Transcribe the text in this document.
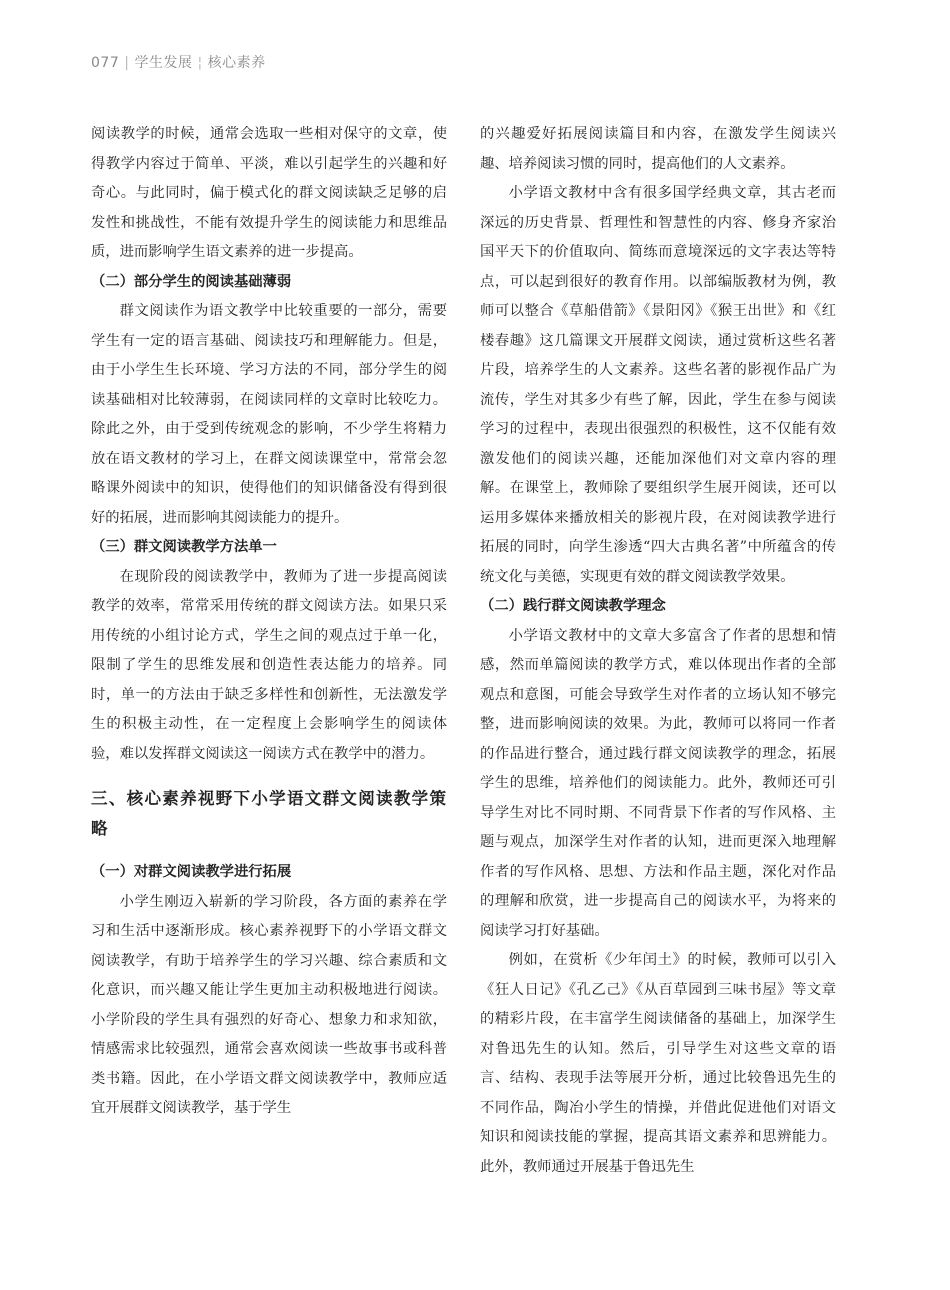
077 | 学生发展 ¦ 核心素养

阅读教学的时候，通常会选取一些相对保守的文章，使得教学内容过于简单、平淡，难以引起学生的兴趣和好奇心。与此同时，偏于模式化的群文阅读缺乏足够的启发性和挑战性，不能有效提升学生的阅读能力和思维品质，进而影响学生语文素养的进一步提高。

（二）部分学生的阅读基础薄弱

群文阅读作为语文教学中比较重要的一部分，需要学生有一定的语言基础、阅读技巧和理解能力。但是，由于小学生生长环境、学习方法的不同，部分学生的阅读基础相对比较薄弱，在阅读同样的文章时比较吃力。除此之外，由于受到传统观念的影响，不少学生将精力放在语文教材的学习上，在群文阅读课堂中，常常会忽略课外阅读中的知识，使得他们的知识储备没有得到很好的拓展，进而影响其阅读能力的提升。

（三）群文阅读教学方法单一

在现阶段的阅读教学中，教师为了进一步提高阅读教学的效率，常常采用传统的群文阅读方法。如果只采用传统的小组讨论方式，学生之间的观点过于单一化，限制了学生的思维发展和创造性表达能力的培养。同时，单一的方法由于缺乏多样性和创新性，无法激发学生的积极主动性，在一定程度上会影响学生的阅读体验，难以发挥群文阅读这一阅读方式在教学中的潜力。

三、核心素养视野下小学语文群文阅读教学策略
（一）对群文阅读教学进行拓展

小学生刚迈入崭新的学习阶段，各方面的素养在学习和生活中逐渐形成。核心素养视野下的小学语文群文阅读教学，有助于培养学生的学习兴趣、综合素质和文化意识，而兴趣又能让学生更加主动积极地进行阅读。小学阶段的学生具有强烈的好奇心、想象力和求知欲，情感需求比较强烈，通常会喜欢阅读一些故事书或科普类书籍。因此，在小学语文群文阅读教学中，教师应适宜开展群文阅读教学，基于学生

的兴趣爱好拓展阅读篇目和内容，在激发学生阅读兴趣、培养阅读习惯的同时，提高他们的人文素养。

小学语文教材中含有很多国学经典文章，其古老而深远的历史背景、哲理性和智慧性的内容、修身齐家治国平天下的价值取向、简练而意境深远的文字表达等特点，可以起到很好的教育作用。以部编版教材为例，教师可以整合《草船借箭》《景阳冈》《猴王出世》和《红楼春趣》这几篇课文开展群文阅读，通过赏析这些名著片段，培养学生的人文素养。这些名著的影视作品广为流传，学生对其多少有些了解，因此，学生在参与阅读学习的过程中，表现出很强烈的积极性，这不仅能有效激发他们的阅读兴趣，还能加深他们对文章内容的理解。在课堂上，教师除了要组织学生展开阅读，还可以运用多媒体来播放相关的影视片段，在对阅读教学进行拓展的同时，向学生渗透“四大古典名著”中所蕴含的传统文化与美德，实现更有效的群文阅读教学效果。

（二）践行群文阅读教学理念

小学语文教材中的文章大多富含了作者的思想和情感，然而单篇阅读的教学方式，难以体现出作者的全部观点和意图，可能会导致学生对作者的立场认知不够完整，进而影响阅读的效果。为此，教师可以将同一作者的作品进行整合，通过践行群文阅读教学的理念，拓展学生的思维，培养他们的阅读能力。此外，教师还可引导学生对比不同时期、不同背景下作者的写作风格、主题与观点，加深学生对作者的认知，进而更深入地理解作者的写作风格、思想、方法和作品主题，深化对作品的理解和欣赏，进一步提高自己的阅读水平，为将来的阅读学习打好基础。

例如，在赏析《少年闰土》的时候，教师可以引入《狂人日记》《孔乙己》《从百草园到三味书屋》等文章的精彩片段，在丰富学生阅读储备的基础上，加深学生对鲁迅先生的认知。然后，引导学生对这些文章的语言、结构、表现手法等展开分析，通过比较鲁迅先生的不同作品，陶冶小学生的情操，并借此促进他们对语文知识和阅读技能的掌握，提高其语文素养和思辨能力。此外，教师通过开展基于鲁迅先生
